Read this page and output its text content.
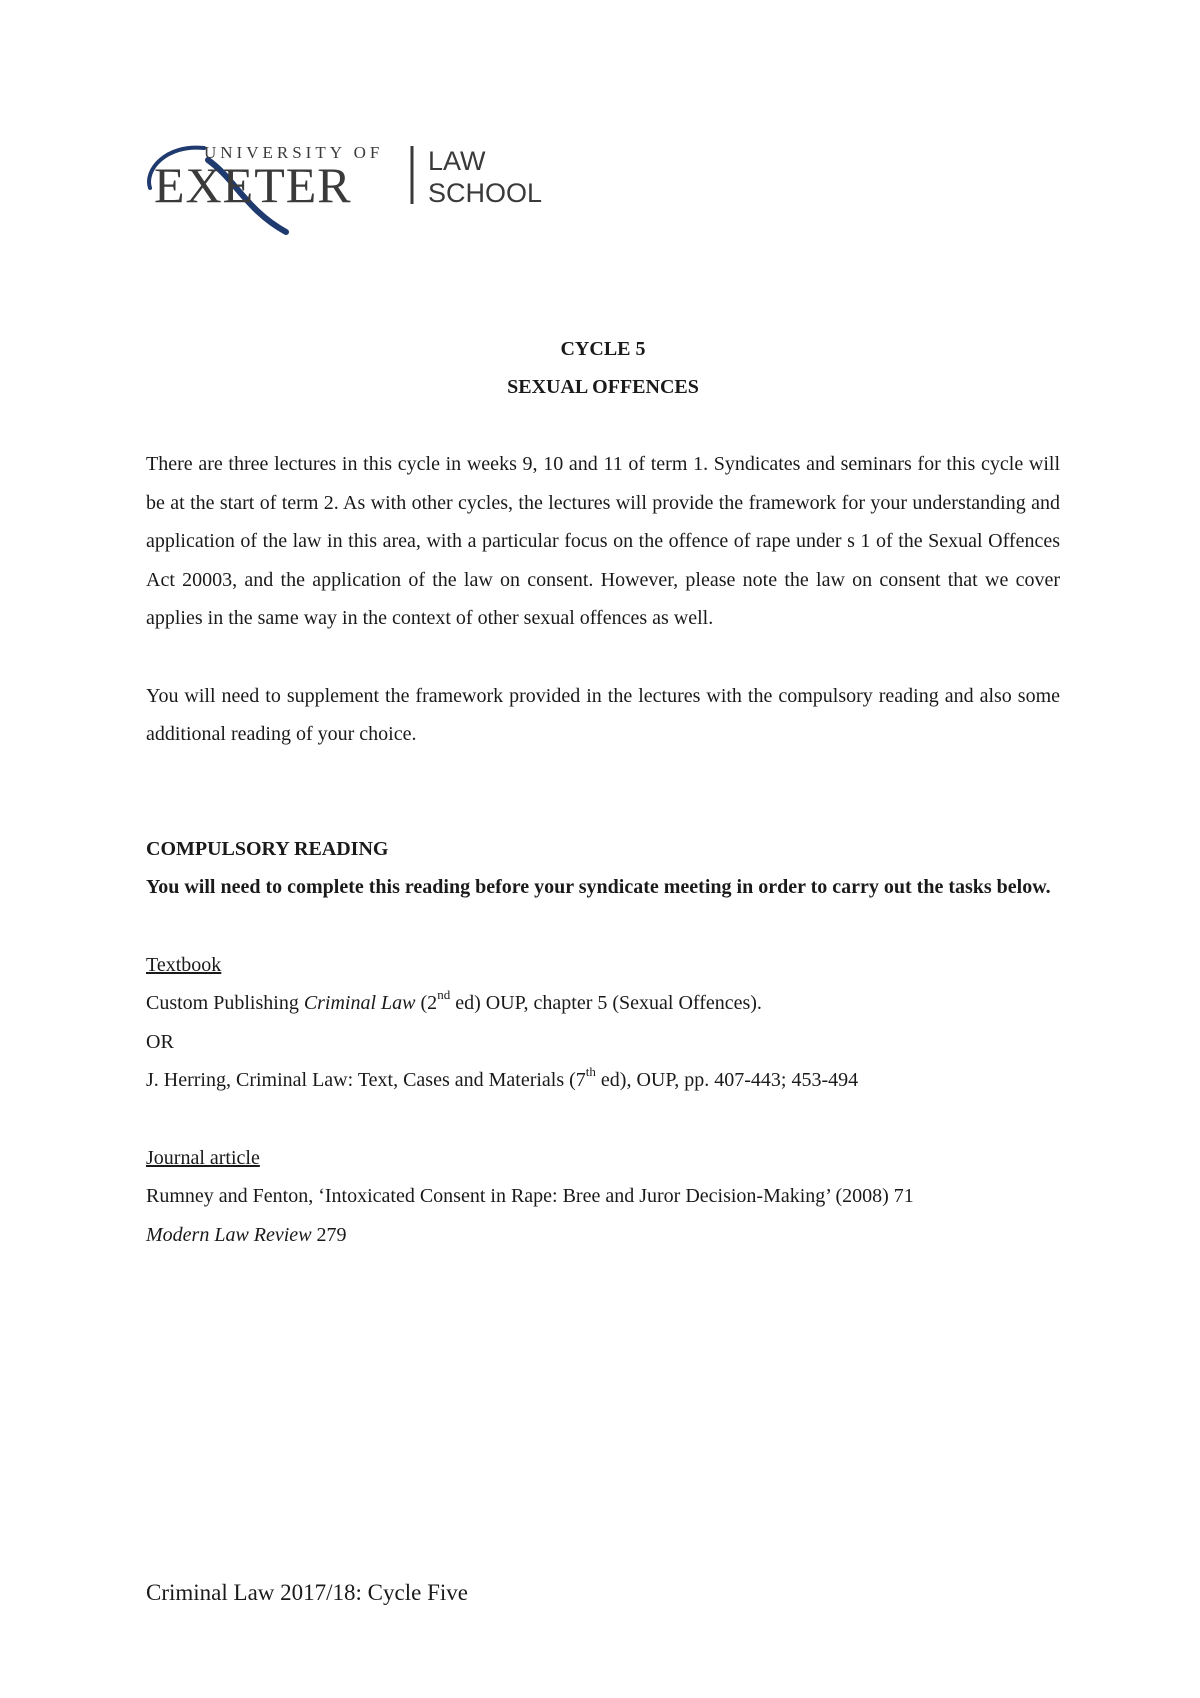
UNIVERSITY OF
EXETER	LAW
SCHOOL
CYCLE 5
SEXUAL OFFENCES

There are three lectures in this cycle in weeks 9, 10 and 11 of term 1. Syndicates and seminars for this cycle will be at the start of term 2. As with other cycles, the lectures will provide the framework for your understanding and application of the law in this area, with a particular focus on the offence of rape under s 1 of the Sexual Offences Act 20003, and the application of the law on consent. However, please note the law on consent that we cover applies in the same way in the context of other sexual offences as well.

You will need to supplement the framework provided in the lectures with the compulsory reading and also some additional reading of your choice.

COMPULSORY READING

You will need to complete this reading before your syndicate meeting in order to carry out the tasks below.

Textbook
Custom Publishing Criminal Law (2nd ed) OUP, chapter 5 (Sexual Offences).
OR
J. Herring, Criminal Law: Text, Cases and Materials (7th ed), OUP, pp. 407-443; 453-494
Journal article
Rumney and Fenton, ‘Intoxicated Consent in Rape: Bree and Juror Decision-Making’ (2008) 71
Modern Law Review 279
Criminal Law 2017/18: Cycle Five
